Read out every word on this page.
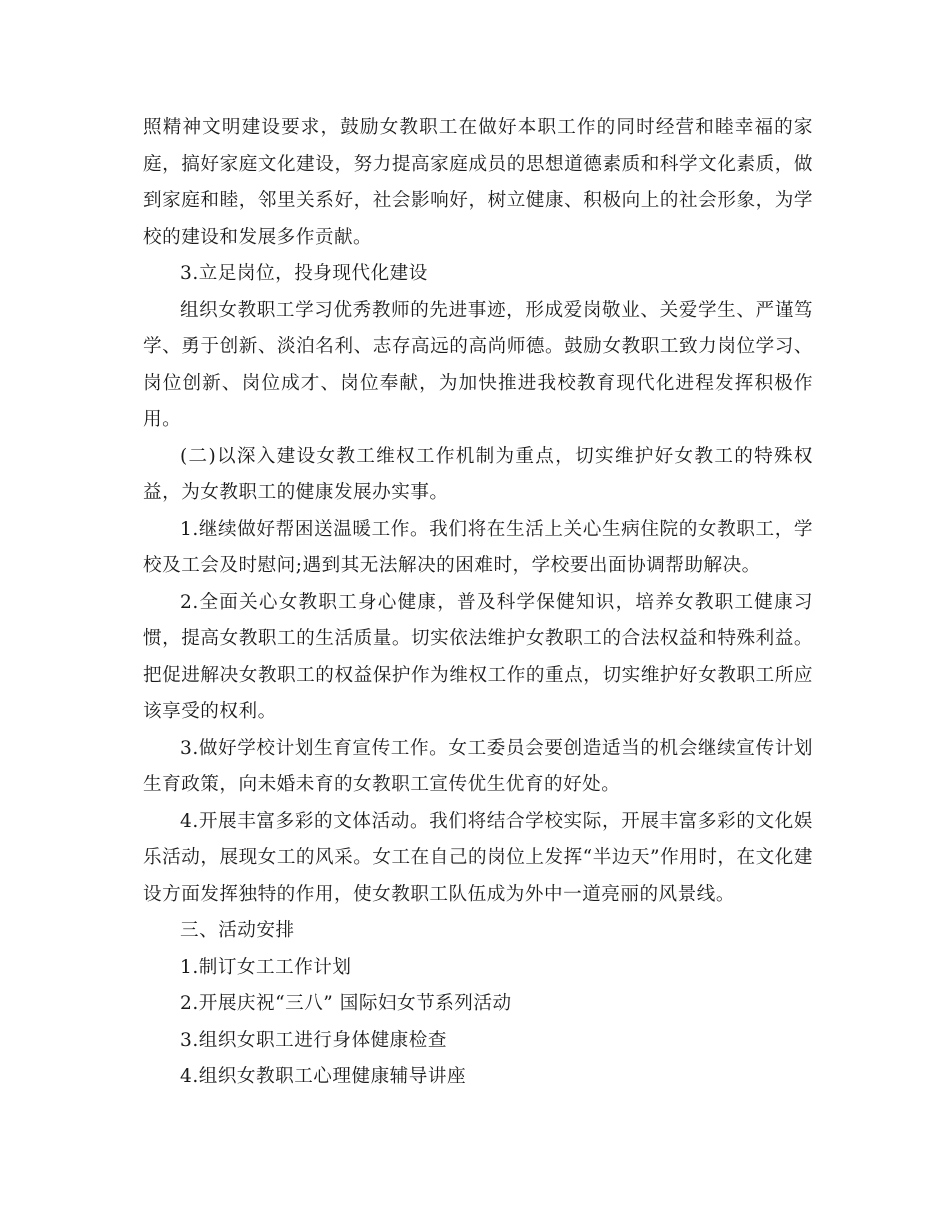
照精神文明建设要求，鼓励女教职工在做好本职工作的同时经营和睦幸福的家庭，搞好家庭文化建设，努力提高家庭成员的思想道德素质和科学文化素质，做到家庭和睦，邻里关系好，社会影响好，树立健康、积极向上的社会形象，为学校的建设和发展多作贡献。

3.立足岗位，投身现代化建设

组织女教职工学习优秀教师的先进事迹，形成爱岗敬业、关爱学生、严谨笃学、勇于创新、淡泊名利、志存高远的高尚师德。鼓励女教职工致力岗位学习、岗位创新、岗位成才、岗位奉献，为加快推进我校教育现代化进程发挥积极作用。

(二)以深入建设女教工维权工作机制为重点，切实维护好女教工的特殊权益，为女教职工的健康发展办实事。

1.继续做好帮困送温暖工作。我们将在生活上关心生病住院的女教职工，学校及工会及时慰问;遇到其无法解决的困难时，学校要出面协调帮助解决。

2.全面关心女教职工身心健康，普及科学保健知识，培养女教职工健康习惯，提高女教职工的生活质量。切实依法维护女教职工的合法权益和特殊利益。把促进解决女教职工的权益保护作为维权工作的重点，切实维护好女教职工所应该享受的权利。

3.做好学校计划生育宣传工作。女工委员会要创造适当的机会继续宣传计划生育政策，向未婚未育的女教职工宣传优生优育的好处。

4.开展丰富多彩的文体活动。我们将结合学校实际，开展丰富多彩的文化娱乐活动，展现女工的风采。女工在自己的岗位上发挥“半边天”作用时，在文化建设方面发挥独特的作用，使女教职工队伍成为外中一道亮丽的风景线。

三、活动安排

1.制订女工工作计划

2.开展庆祝“三八” 国际妇女节系列活动

3.组织女职工进行身体健康检查

4.组织女教职工心理健康辅导讲座
